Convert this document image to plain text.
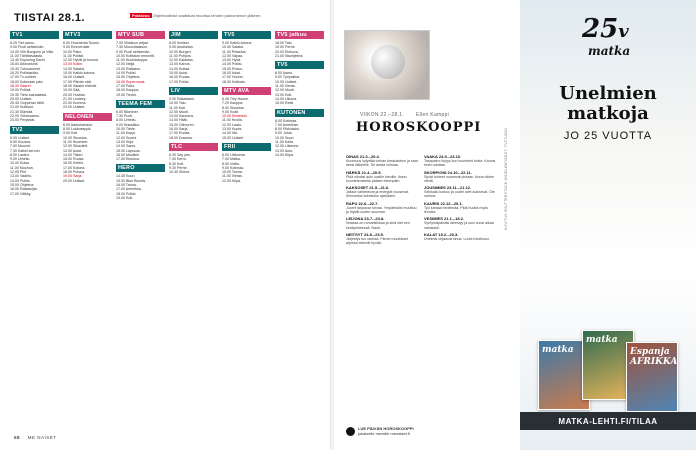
TIISTAI 28.1.	Poikkeus Ohjelmatiedot saattavat muuttua lehden painomenon jälkeen.
TV1
6.25 Tiet aamu.
9.00 Puoli seitsemän.
10.00 Viih Bongorin ja Väin.
11.00 Tähtitaivaasta.
13.40 Exploring Earth.
15.00 Aikeustunti.
15.40 Tuhoutuneet.
16.20 Poliisiarkku.
17.00 Tv-uutiset.
18.00 Kotimaan päiv.
18.30 Saaret.
19.00 Poliisit.
19.30 Tieto sairaalasta.
20.00 Uutiset.
20.45 Oopperan tähti.
21.00 Kulttuuri.
21.30 Elämää.
22.00 Ykkösaamu.
23.00 Perjantai.
TV2
6.05 Uutiset.
6.50 Kuussa.
7.00 Muumit.
7.30 Kaikki kerroin.
8.00 Lasten.
9.00 Urheilu.
10.00 Kutsu.
11.00 Muuhun.
12.05 Piiri.
13.00 Vaahto.
14.00 Poliisi.
15.00 Ohjelma.
16.00 Ratkaisijat.
17.00 Välkky.
MTV3
6.00 Huomenta Suomi.
9.00 Emmerdale.
10.00 Pako.
11.00 Poliisit.
12.00 Hyvät ja huonot.
13.00 Kotiin.
14.00 Salatut.
15.00 Kaikki kotona.
16.00 Uutiset.
17.00 Päivän sää.
18.00 Salatut elämät.
19.00 Sää.
20.00 Huvilan.
21.00 Lindsey.
22.00 Kumma.
23.00 Uutiset.
NELONEN
6.00 Aamukanava.
8.00 Lukkoseppä.
9.00 Koti.
10.00 Sisustus.
11.00 Huomeet.
12.00 Sikaviinit.
13.00 Asiat.
14.00 Tiikeri.
15.00 Ruoka.
16.00 Keittiö.
17.00 Kotona.
18.00 Putous.
19.00 Sarja.
20.00 Uutiset.
MTV SUB
7.00 Viidakon veijari.
7.30 Muumilaakson.
9.00 Puoli seitsemän.
10.00 Kotitalon remontti.
11.00 Huutokauppa.
12.00 Neljä.
13.00 Ratkaisu.
14.00 Poliisi.
15.00 Ohjelma.
16.00 Supernovat.
17.00 Pako.
18.00 Kauppa.
19.00 Tiedot.
TEEMA FEM
6.00 Bikeliner.
7.30 Puoli.
8.00 Urheilu.
9.00 Klassikko.
10.00 Tiede.
11.00 Kuppi.
12.00 Suomi.
13.00 Kirja.
14.00 Sanni.
15.00 Lapsuus.
16.00 Musiikki.
17.00 Elokuva.
HERO
14.45 Suuri.
15.00 Blue Bloods.
16.00 Tarina.
17.00 Amerikka.
18.00 Poliisi.
19.00 Koti.
JIM
8.00 Ihmiset.
9.00 Australian.
10.00 Burgeri.
11.00 Pohjois.
12.00 Kalastus.
13.00 Kaivos.
14.00 Kultaa.
15.00 Autot.
16.00 Ruoka.
17.00 Poliisi.
LIV
9.00 Rakastaen.
10.00 Talo.
11.00 Koti.
12.00 Muoti.
13.00 Kauneus.
14.00 Häät.
15.00 Gilmoren.
16.00 Sarja.
17.00 Ruoka.
18.00 Draama.
TLC
6.30 Say yes.
7.30 Kerro.
8.30 Koti.
9.30 Perhe.
10.30 Sinkut.
TV5
9.00 Kaikki kotona.
10.00 Salatut.
11.00 Pelastus.
12.00 Vapaa.
13.00 Hyvä.
14.00 Poliisi.
15.00 Rosvo.
16.00 Asiat.
17.00 Huone.
18.00 Kotikatu.
MTV AVA
6.45 Tiny House.
7.20 Kauppa.
8.00 Sisustus.
9.00 Kodit.
10.00 Kiinteistö.
11.00 Huvila.
12.00 Laatu.
13.00 Kupla.
14.00 Ilta.
15.00 Uutiset.
FRII
6.00 Liittouma.
7.00 Matka.
8.00 Voitto.
9.00 Kotimaa.
10.00 Tarina.
11.00 Vieras.
12.00 Kilpa.
TV5 jatkuu
18.00 Talo.
19.00 Perhe.
20.00 Elokuva.
21.00 Iltaohjelma.
TV5
8.00 Aamu.
9.00 Työpaikka.
10.00 Uutiset.
11.00 Vieras.
12.00 Muoti.
13.00 Koti.
14.00 Ulkona.
15.00 Retki.
KUTONEN
6.00 Kotimaa.
7.00 Amerikan.
8.00 Pikkutalot.
9.00 Juhla.
10.00 Suuri.
11.00 Kalla.
12.00 Liikenne.
13.00 Auto.
14.00 Kilpa.
58 ME NAISET
VIIKON 22.–28.1. Ellen Kamppi
HOROSKOOPPI
OINAS 21.3.–20.4.
Kuumuus sytyttää vinhan keskustelun ja saat itsesi liikkeelle. Se antaa voimaa.
HÄRKÄ 21.4.–20.5.
Pidä silmäsi auki uusille ideoille. Itsesi kuuntelemisella pääset eteenpäin.
KAKSOSET 21.5.–21.6.
Jaksot vaihtelevat ja energiat nousevat. Kiinnostus kohdistuu ajatuksiin.
RAPU 22.6.–22.7.
Juuret tarjoavat turvaa. Ympäristösi muuttuu ja löydät uuden suunnan.
LEIJONA 23.7.–23.8.
Ilmassa on romantiikkaa ja sinä olet sen keskipisteessä. Nauti.
NEITSYT 24.8.–23.9.
Järjestys tuo rauhaa. Pienet muutokset arjessa tekevät hyvää.
VAAKA 24.9.–23.10.
Tasapaino löytyy kun kuuntelet toisia. Kaunis hetki odottaa.
SKORPIONI 24.10.–22.11.
Syvät tunteet nousevat pintaan. Anna niiden viedä.
JOUSIMIES 23.11.–21.12.
Seikkailu kutsuu ja uudet ovet aukeavat. Ole rohkea.
KAURIS 22.12.–20.1.
Työ kantaa hedelmää. Pidä huolta myös levosta.
VESIMIES 21.1.–18.2.
Syntymäpäiväsi lähestyy ja uusi vuosi alkaa valoisasti.
KALAT 19.2.–20.3.
Unelmat ohjaavat sinua. Luota intuitioosi.
LUE PÄIVÄN HOROSKOOPPI
jokaiselle merkille menaiset.fi
KUVITUS SHUTTERSTOCK OHJELMATIEDOT: TVSTUDIO
25v
matka
Unelmien
matkoja
JO 25 VUOTTA
matka
matka
Espanja AFRIKKA
MATKA-LEHTI.FI/TILAA
